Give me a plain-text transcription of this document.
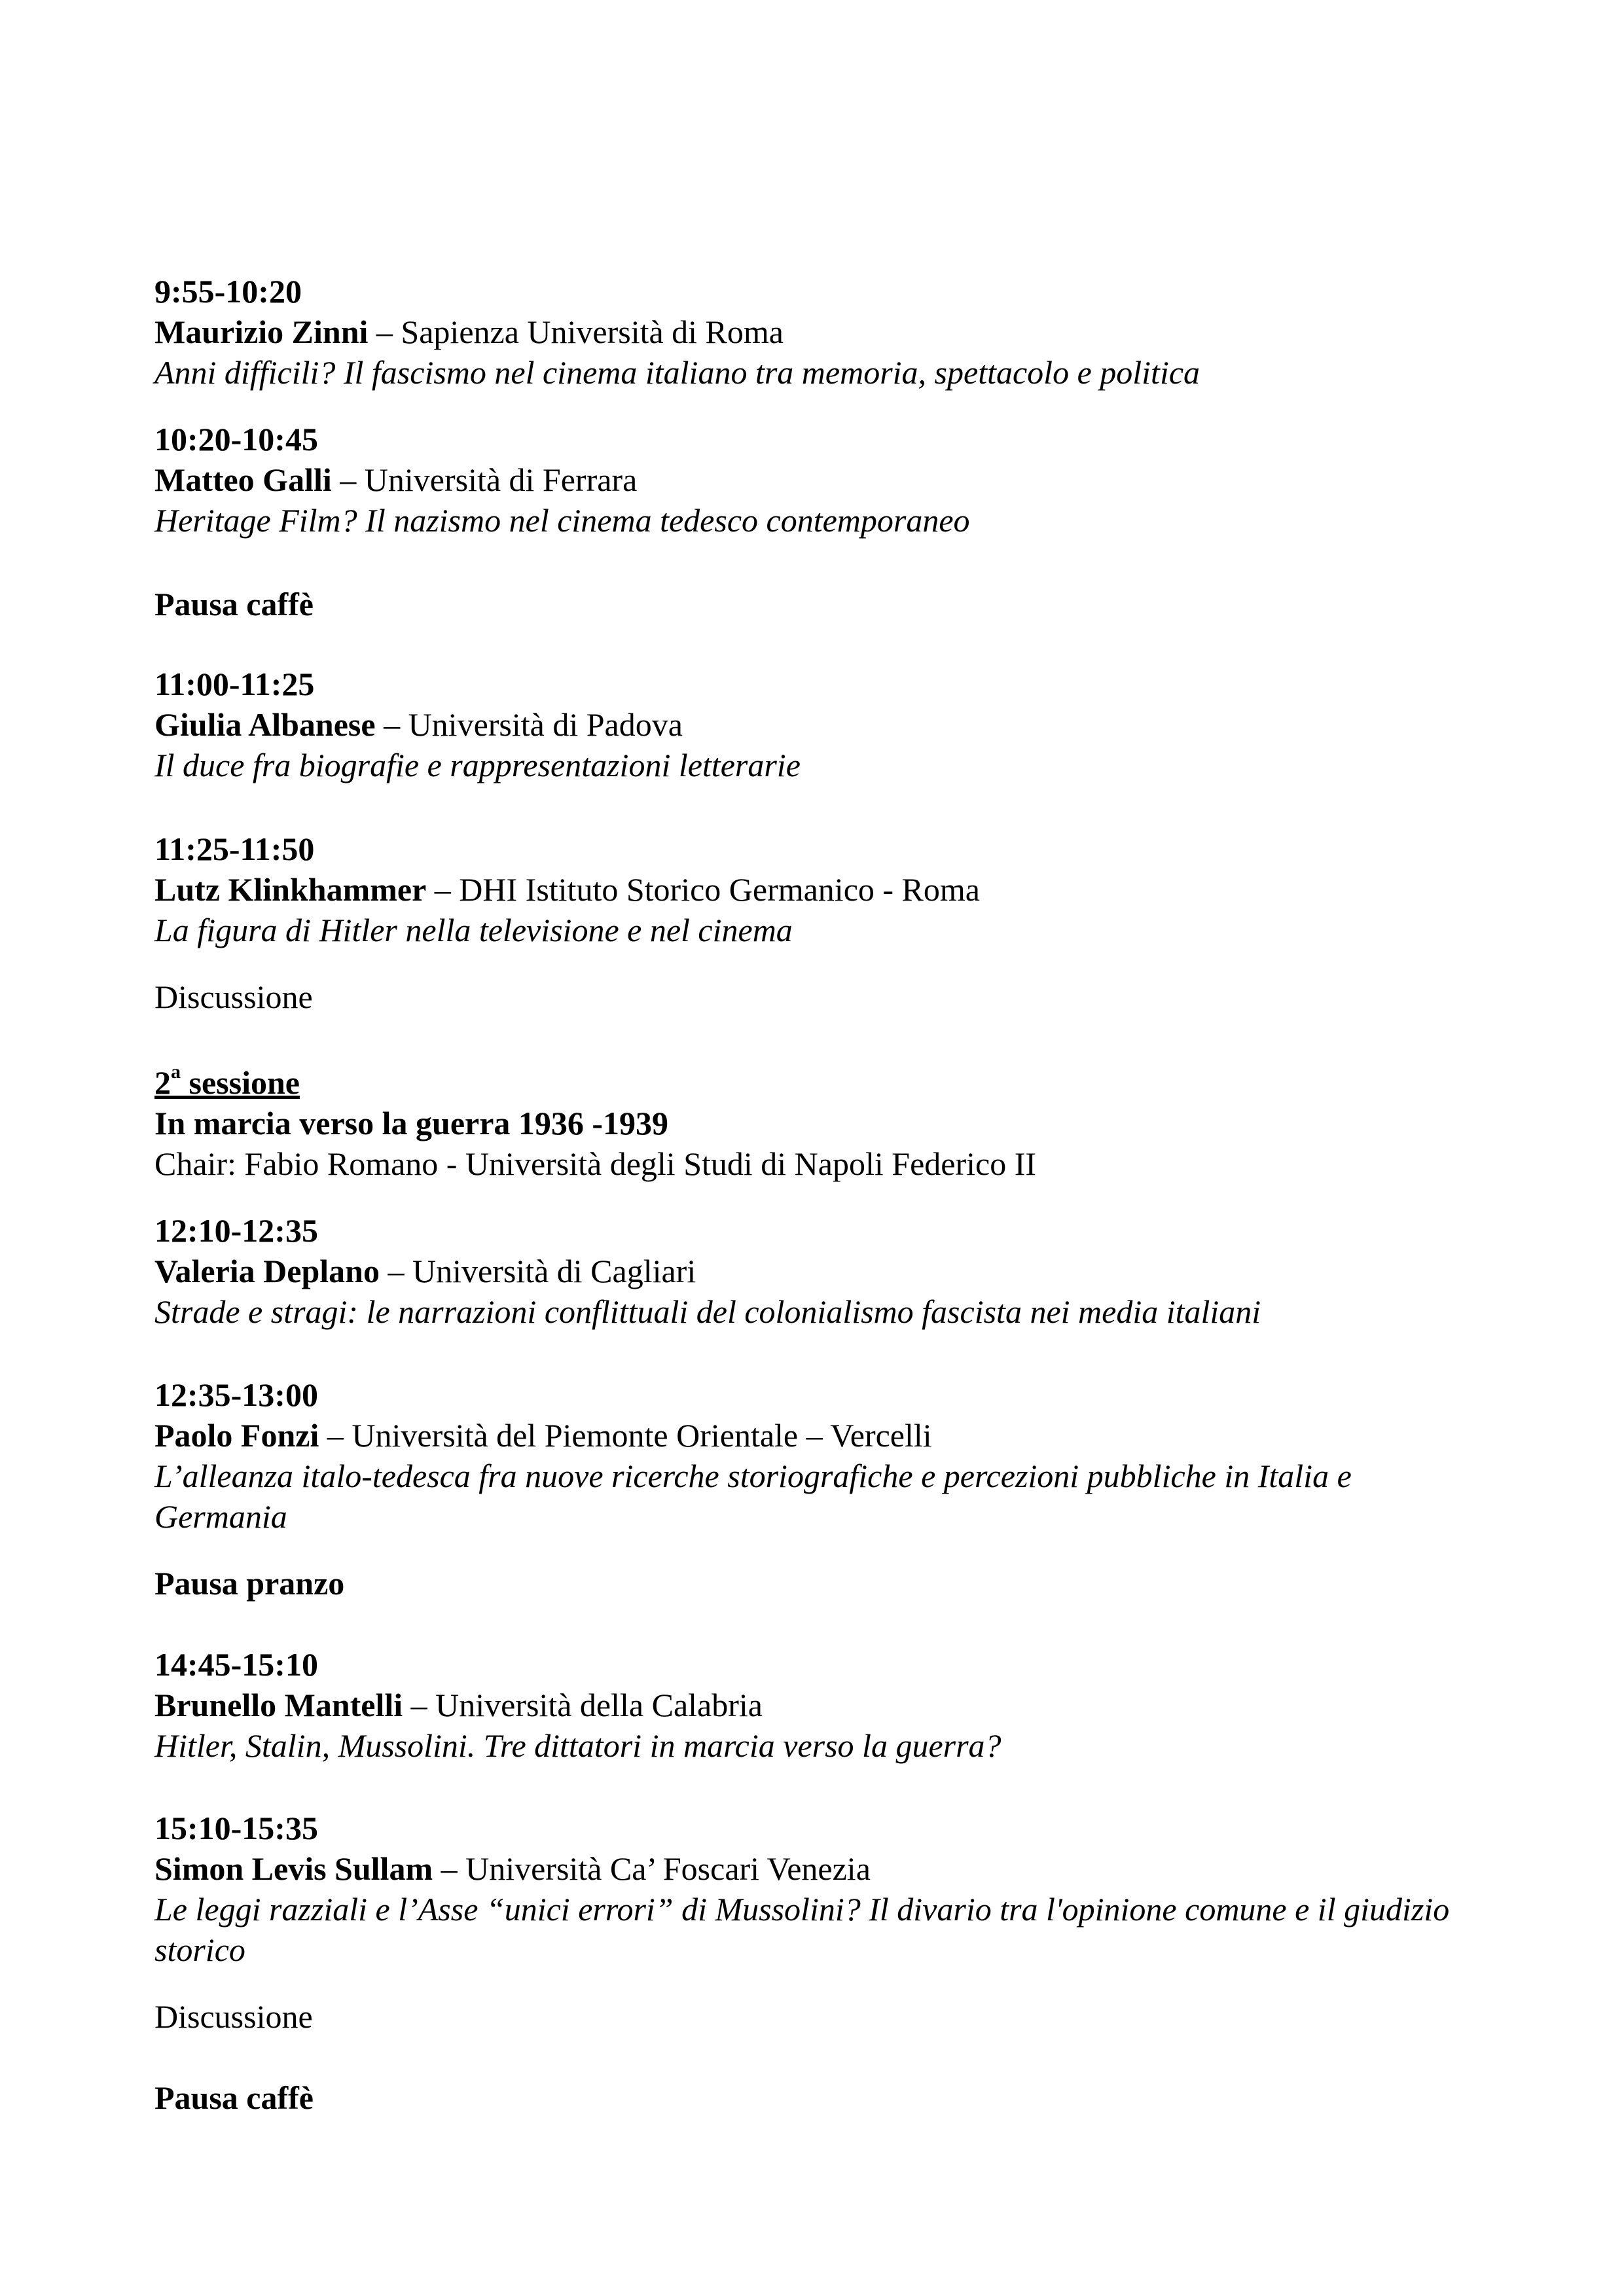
9:55-10:20
Maurizio Zinni – Sapienza Università di Roma
Anni difficili? Il fascismo nel cinema italiano tra memoria, spettacolo e politica
10:20-10:45
Matteo Galli – Università di Ferrara
Heritage Film? Il nazismo nel cinema tedesco contemporaneo
Pausa caffè
11:00-11:25
Giulia Albanese – Università di Padova
Il duce fra biografie e rappresentazioni letterarie
11:25-11:50
Lutz Klinkhammer – DHI Istituto Storico Germanico - Roma
La figura di Hitler nella televisione e nel cinema
Discussione
2$^a$ sessione
In marcia verso la guerra 1936 -1939
Chair: Fabio Romano - Università degli Studi di Napoli Federico II
12:10-12:35
Valeria Deplano – Università di Cagliari
Strade e stragi: le narrazioni conflittuali del colonialismo fascista nei media italiani
12:35-13:00
Paolo Fonzi – Università del Piemonte Orientale – Vercelli
L’alleanza italo-tedesca fra nuove ricerche storiografiche e percezioni pubbliche in Italia e Germania
Pausa pranzo
14:45-15:10
Brunello Mantelli – Università della Calabria
Hitler, Stalin, Mussolini. Tre dittatori in marcia verso la guerra?
15:10-15:35
Simon Levis Sullam – Università Ca’ Foscari Venezia
Le leggi razziali e l’Asse “unici errori” di Mussolini? Il divario tra l'opinione comune e il giudizio storico
Discussione
Pausa caffè
